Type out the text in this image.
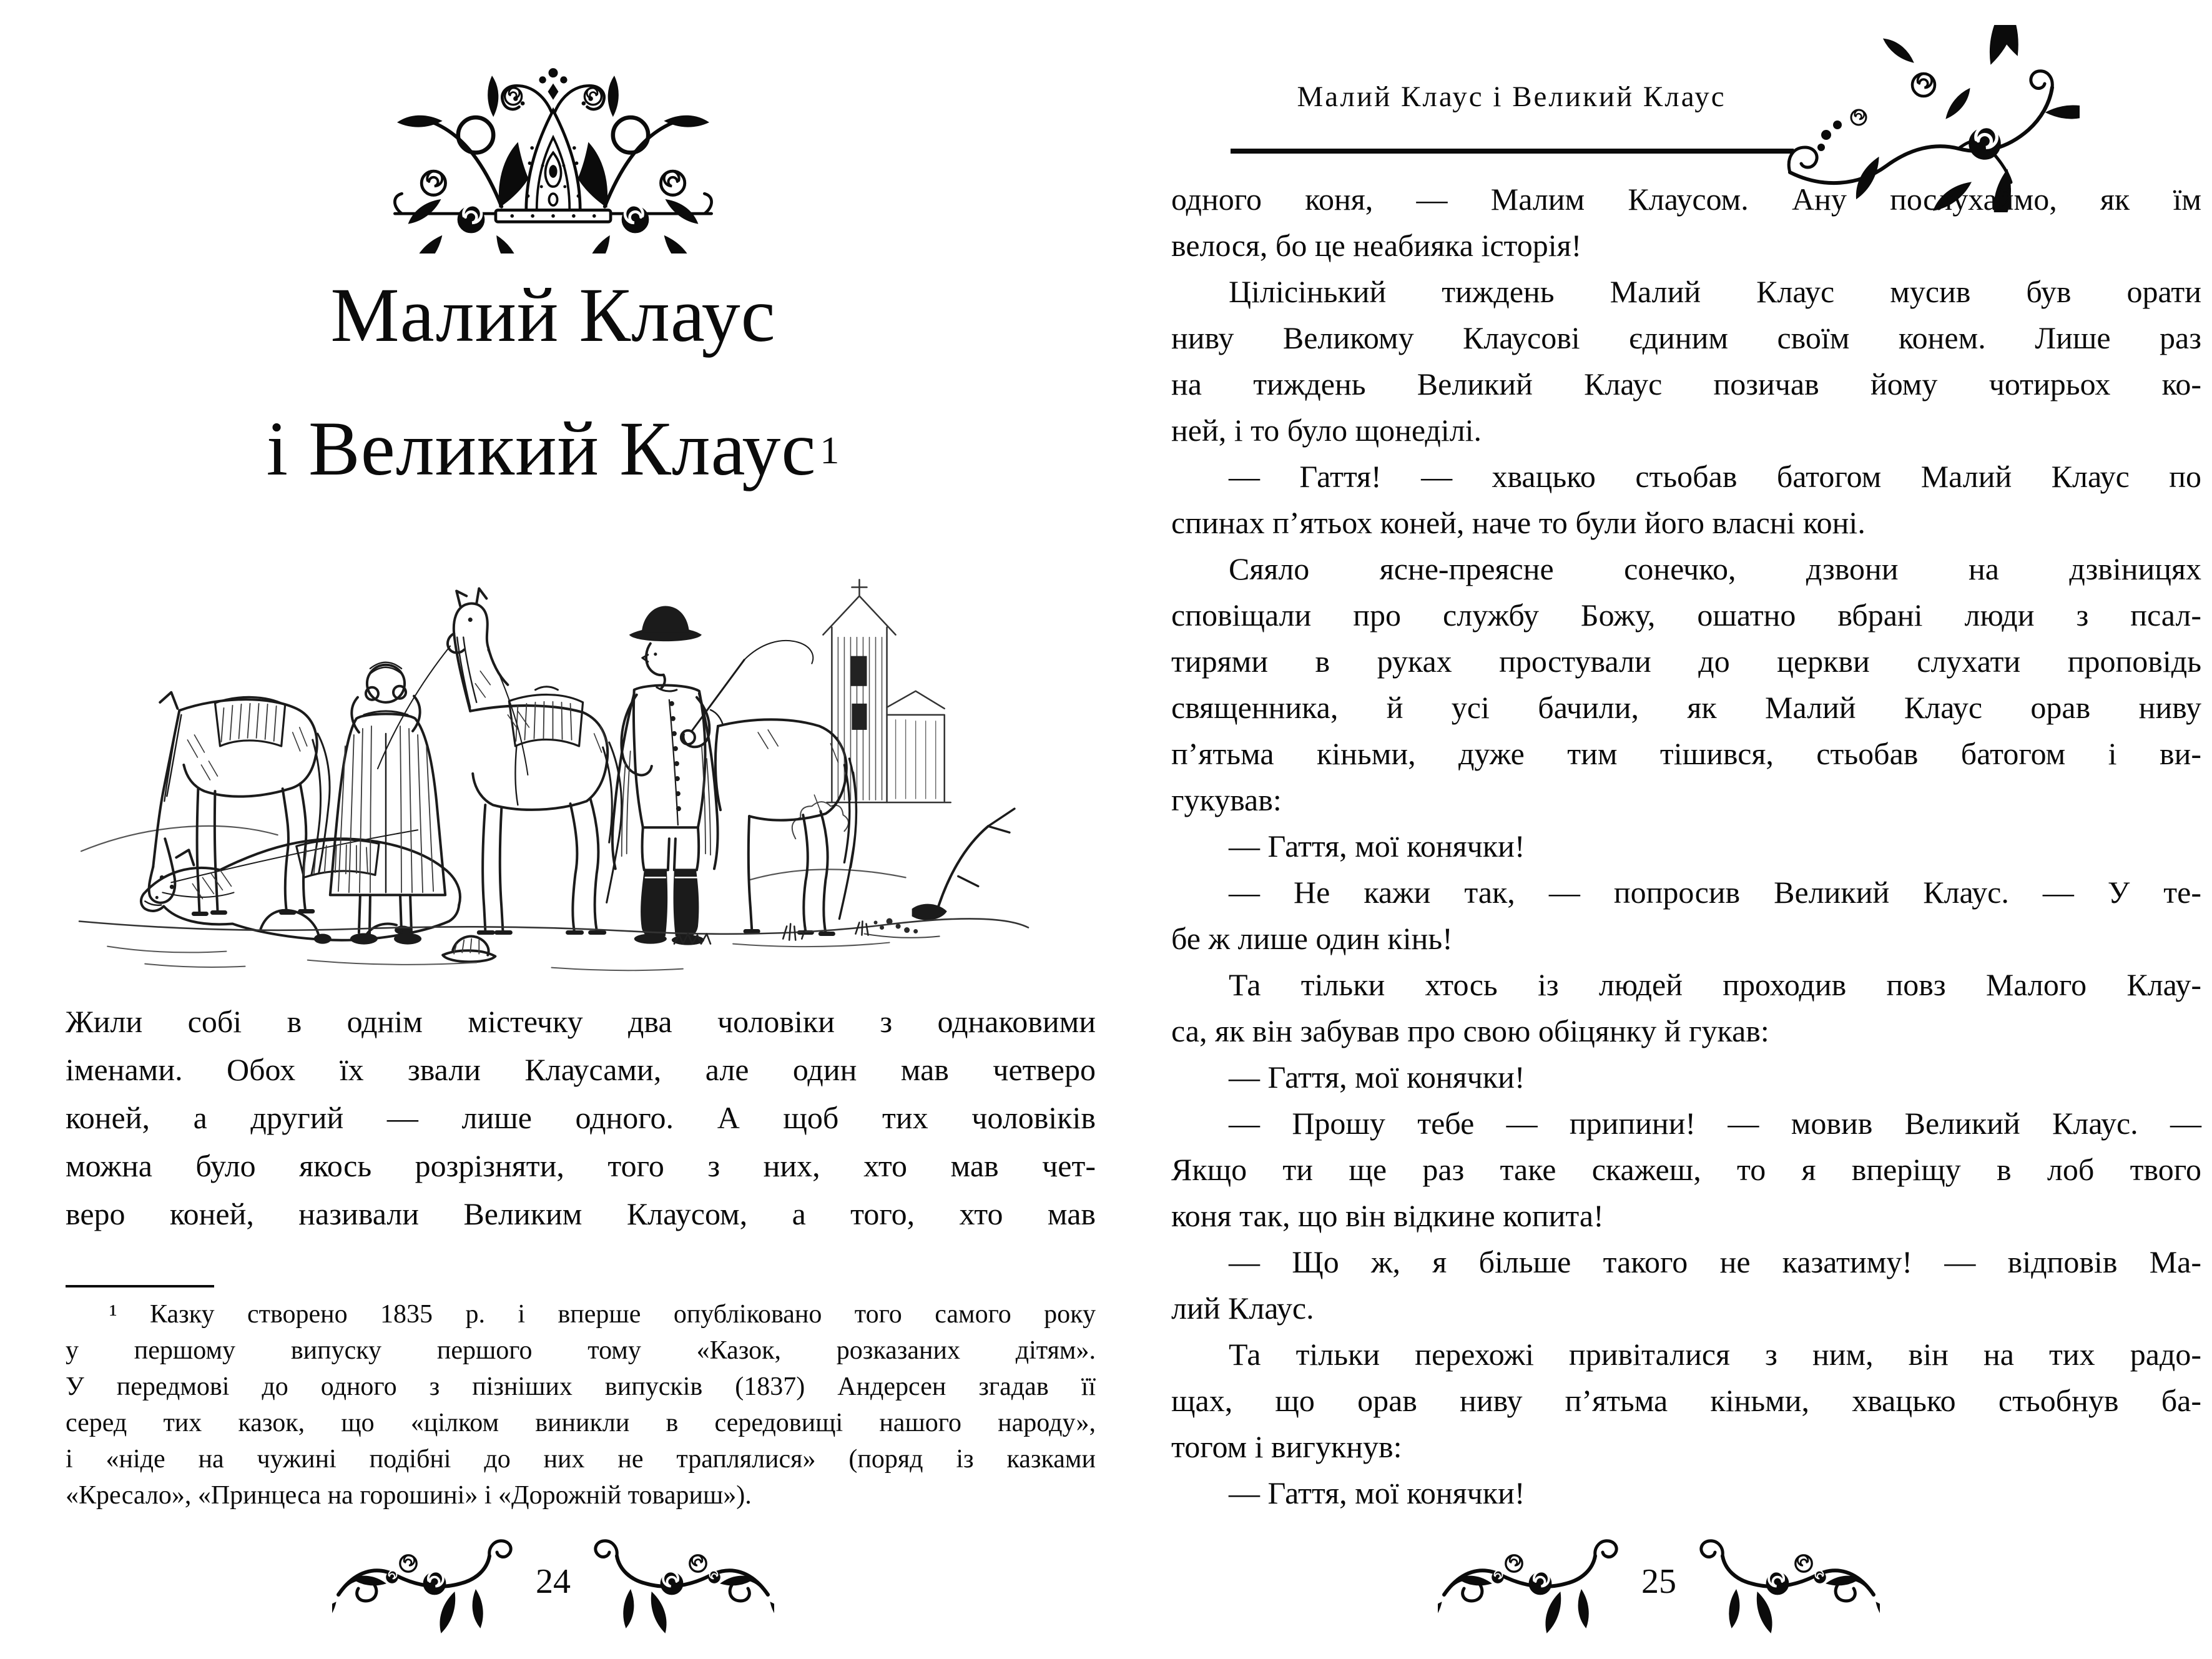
Малий Клаус
і Великий Клаус$^1$
Жили собі в однім містечку два чоловіки з однаковими
іменами. Обох їх звали Клаусами, але один мав четверо
коней, а другий — лише одного. А щоб тих чоловіків
можна було якось розрізняти, того з них, хто мав чет-
веро коней, називали Великим Клаусом, а того, хто мав
¹ Казку створено 1835 р. і вперше опубліковано того самого року
у першому випуску першого тому «Казок, розказаних дітям».
У передмові до одного з пізніших випусків (1837) Андерсен згадав її
серед тих казок, що «цілком виникли в середовищі нашого народу»,
і «ніде на чужині подібні до них не траплялися» (поряд із казками
«Кресало», «Принцеса на горошині» і «Дорожній товариш»).
24
Малий Клаус і Великий Клаус
одного коня, — Малим Клаусом. Ану послухаймо, як їм
велося, бо це неабияка історія!
Цілісінький тиждень Малий Клаус мусив був орати
ниву Великому Клаусові єдиним своїм конем. Лише раз
на тиждень Великий Клаус позичав йому чотирьох ко-
ней, і то було щонеділі.
— Гаття! — хвацько стьобав батогом Малий Клаус по
спинах п’ятьох коней, наче то були його власні коні.
Сяяло ясне-преясне сонечко, дзвони на дзвіницях
сповіщали про службу Божу, ошатно вбрані люди з псал-
тирями в руках простували до церкви слухати проповідь
священника, й усі бачили, як Малий Клаус орав ниву
п’ятьма кіньми, дуже тим тішився, стьобав батогом і ви-
гукував:
— Гаття, мої конячки!
— Не кажи так, — попросив Великий Клаус. — У те-
бе ж лише один кінь!
Та тільки хтось із людей проходив повз Малого Клау-
са, як він забував про свою обіцянку й гукав:
— Гаття, мої конячки!
— Прошу тебе — припини! — мовив Великий Клаус. —
Якщо ти ще раз таке скажеш, то я вперіщу в лоб твого
коня так, що він відкине копита!
— Що ж, я більше такого не казатиму! — відповів Ма-
лий Клаус.
Та тільки перехожі привіталися з ним, він на тих радо-
щах, що орав ниву п’ятьма кіньми, хвацько стьобнув ба-
тогом і вигукнув:
— Гаття, мої конячки!
25
